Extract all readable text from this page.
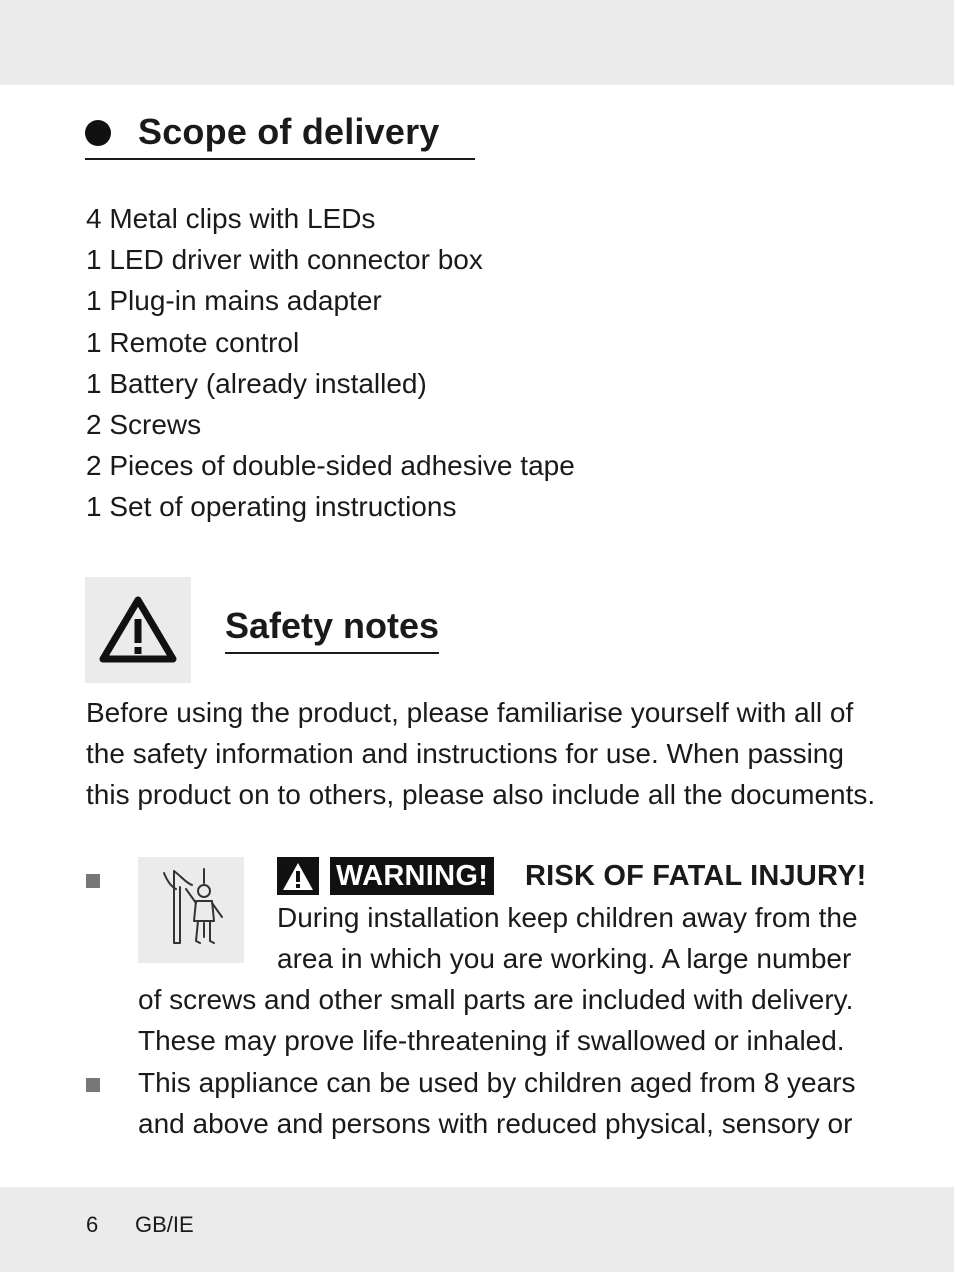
Scope of delivery
4 Metal clips with LEDs
1 LED driver with connector box
1 Plug-in mains adapter
1 Remote control
1 Battery (already installed)
2 Screws
2 Pieces of double-sided adhesive tape
1 Set of operating instructions
Safety notes

Before using the product, please familiarise yourself with all of
the safety information and instructions for use. When passing
this product on to others, please also include all the documents.

WARNING! RISK OF FATAL INJURY!
During installation keep children away from the
area in which you are working. A large number
of screws and other small parts are included with delivery.
These may prove life-threatening if swallowed or inhaled.
This appliance can be used by children aged from 8 years
and above and persons with reduced physical, sensory or
6 GB/IE
